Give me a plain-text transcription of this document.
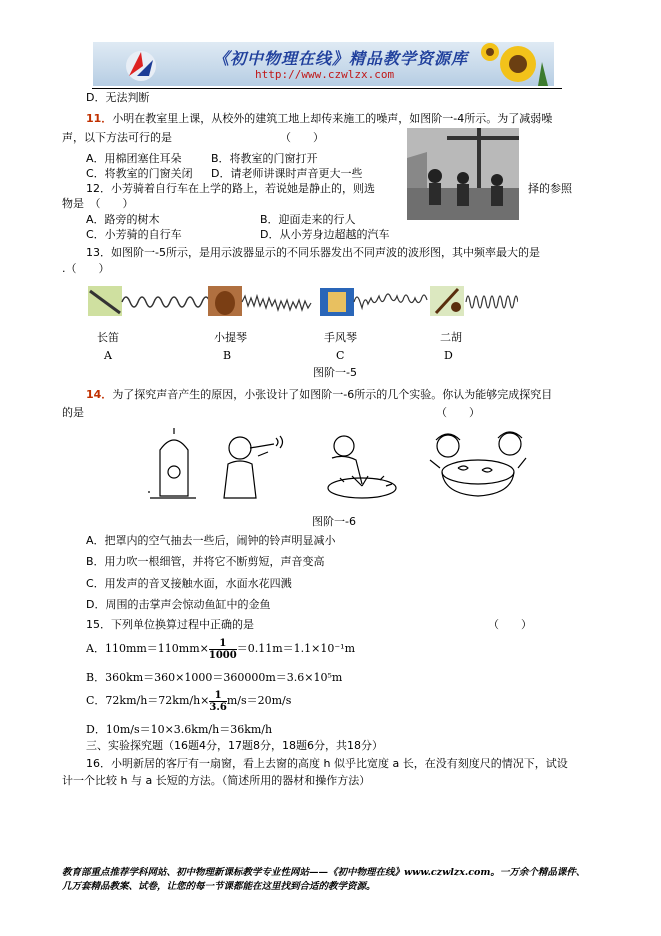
《初中物理在线》精品教学资源库
http://www.czwlzx.com
D．无法判断
11．小明在教室里上课，从校外的建筑工地上却传来施工的噪声，如图阶一-4所示。为了减弱噪
声，以下方法可行的是	（　　）
A．用棉团塞住耳朵	B．将教室的门窗打开
C．将教室的门窗关闭 D．请老师讲课时声音更大一些
12．小芳骑着自行车在上学的路上，若说她是静止的，则选	择的参照
物是　（　　）
A．路旁的树木	B．迎面走来的行人
C．小芳骑的自行车	D．从小芳身边超越的汽车
13．如图阶一-5所示，是用示波器显示的不同乐器发出不同声波的波形图，其中频率最大的是
.（　　）
长笛	小提琴	手风琴	二胡
A	B	C	D
图阶一-5
14．为了探究声音产生的原因，小张设计了如图阶一-6所示的几个实验。你认为能够完成探究目
的是	（　　）
图阶一-6
A．把罩内的空气抽去一些后，闹钟的铃声明显减小
B．用力吹一根细管，并将它不断剪短，声音变高
C．用发声的音叉接触水面，水面水花四溅
D．周围的击掌声会惊动鱼缸中的金鱼
15．下列单位换算过程中正确的是	（　　）
A．$110mm=110mm\times \frac{1}{1000} =0.11m=1.1\times 10^{-1}m$
B．360km＝360×1000＝360000m＝3.6×10⁵m
C．$72km/h=72km/h\times \frac{1}{3.6} m/s=20m/s$
D．10m/s＝10×3.6km/h＝36km/h
三、实验探究题（16题4分，17题8分，18题6分，共18分）
16．小明新居的客厅有一扇窗，看上去窗的高度 h 似乎比宽度 a 长，在没有刻度尺的情况下，试设
计一个比较 h 与 a 长短的方法。（简述所用的器材和操作方法）
教育部重点推荐学科网站、初中物理新课标教学专业性网站——《初中物理在线》www.czwlzx.com。一万余个精品课件、
几万套精品教案、试卷，让您的每一节课都能在这里找到合适的教学资源。
